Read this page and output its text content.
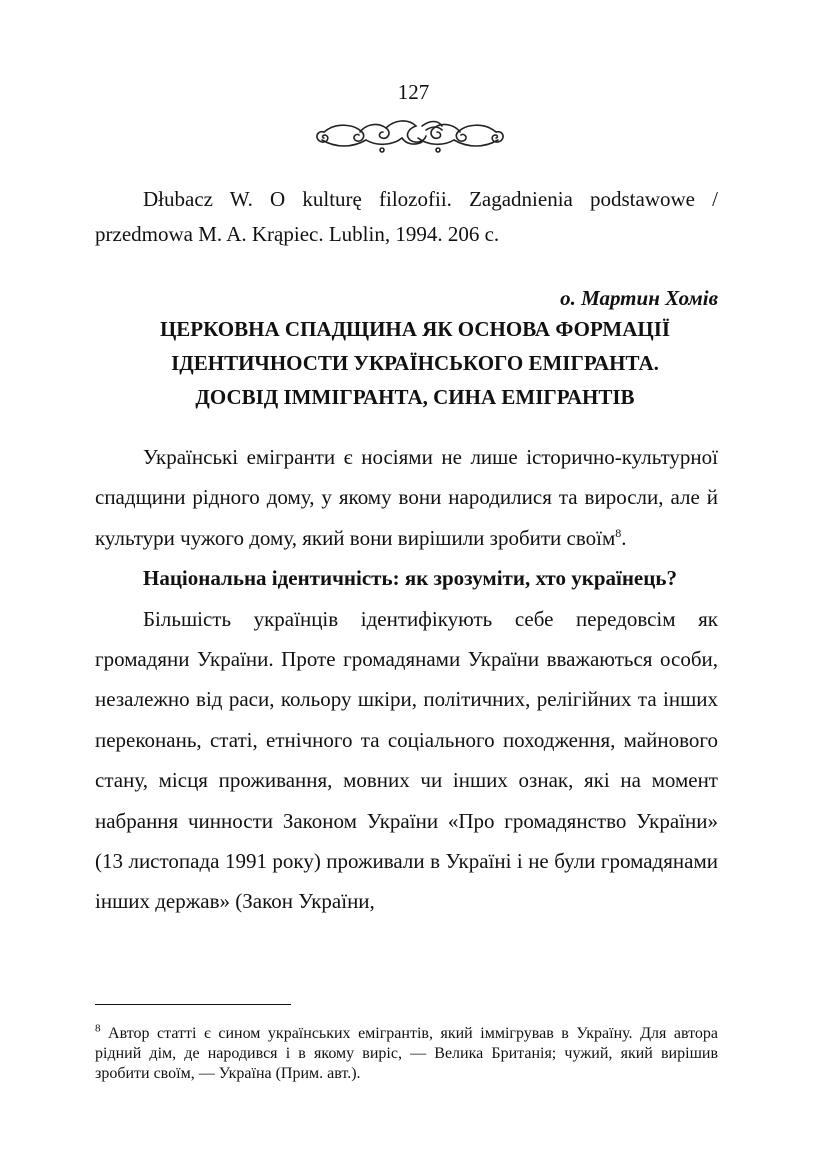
127

Dłubacz W. O kulturę filozofii. Zagadnienia podstawowe / przedmowa M. A. Krąpiec. Lublin, 1994. 206 с.

о. Мартин Хомів
ЦЕРКОВНА СПАДЩИНА ЯК ОСНОВА ФОРМАЦІЇ
ІДЕНТИЧНОСТИ УКРАЇНСЬКОГО ЕМІГРАНТА.
ДОСВІД ІММІГРАНТА, СИНА ЕМІГРАНТІВ

Українські емігранти є носіями не лише історично-культурної спадщини рідного дому, у якому вони народилися та виросли, але й культури чужого дому, який вони вирішили зробити своїм$^8$.

Національна ідентичність: як зрозуміти, хто українець?

Більшість українців ідентифікують себе передовсім як громадяни України. Проте громадянами України вважаються особи, незалежно від раси, кольору шкіри, політичних, релігійних та інших переконань, статі, етнічного та соціального походження, майнового стану, місця проживання, мовних чи інших ознак, які на момент набрання чинности Законом України «Про громадянство України» (13 листопада 1991 року) проживали в Україні і не були громадянами інших держав» (Закон України,

$^8$ Автор статті є сином українських емігрантів, який іммігрував в Україну. Для автора рідний дім, де народився і в якому виріс, — Велика Британія; чужий, який вирішив зробити своїм, — Україна (Прим. авт.).
